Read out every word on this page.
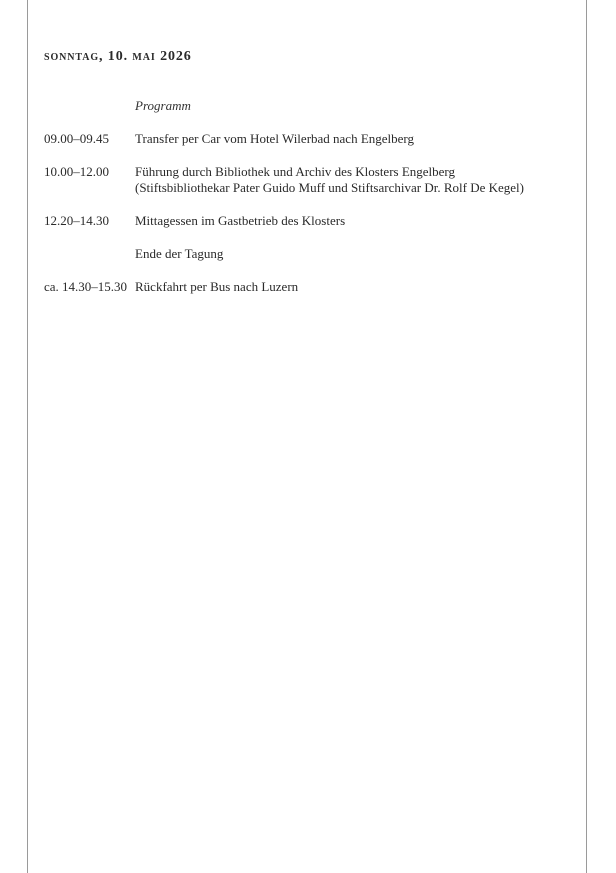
sonntag, 10. mai 2026
Programm
09.00–09.45	Transfer per Car vom Hotel Wilerbad nach Engelberg
10.00–12.00	Führung durch Bibliothek und Archiv des Klosters Engelberg
(Stiftsbibliothekar Pater Guido Muff und Stiftsarchivar Dr. Rolf De Kegel)
12.20–14.30	Mittagessen im Gastbetrieb des Klosters
Ende der Tagung
ca. 14.30–15.30 Rückfahrt per Bus nach Luzern
